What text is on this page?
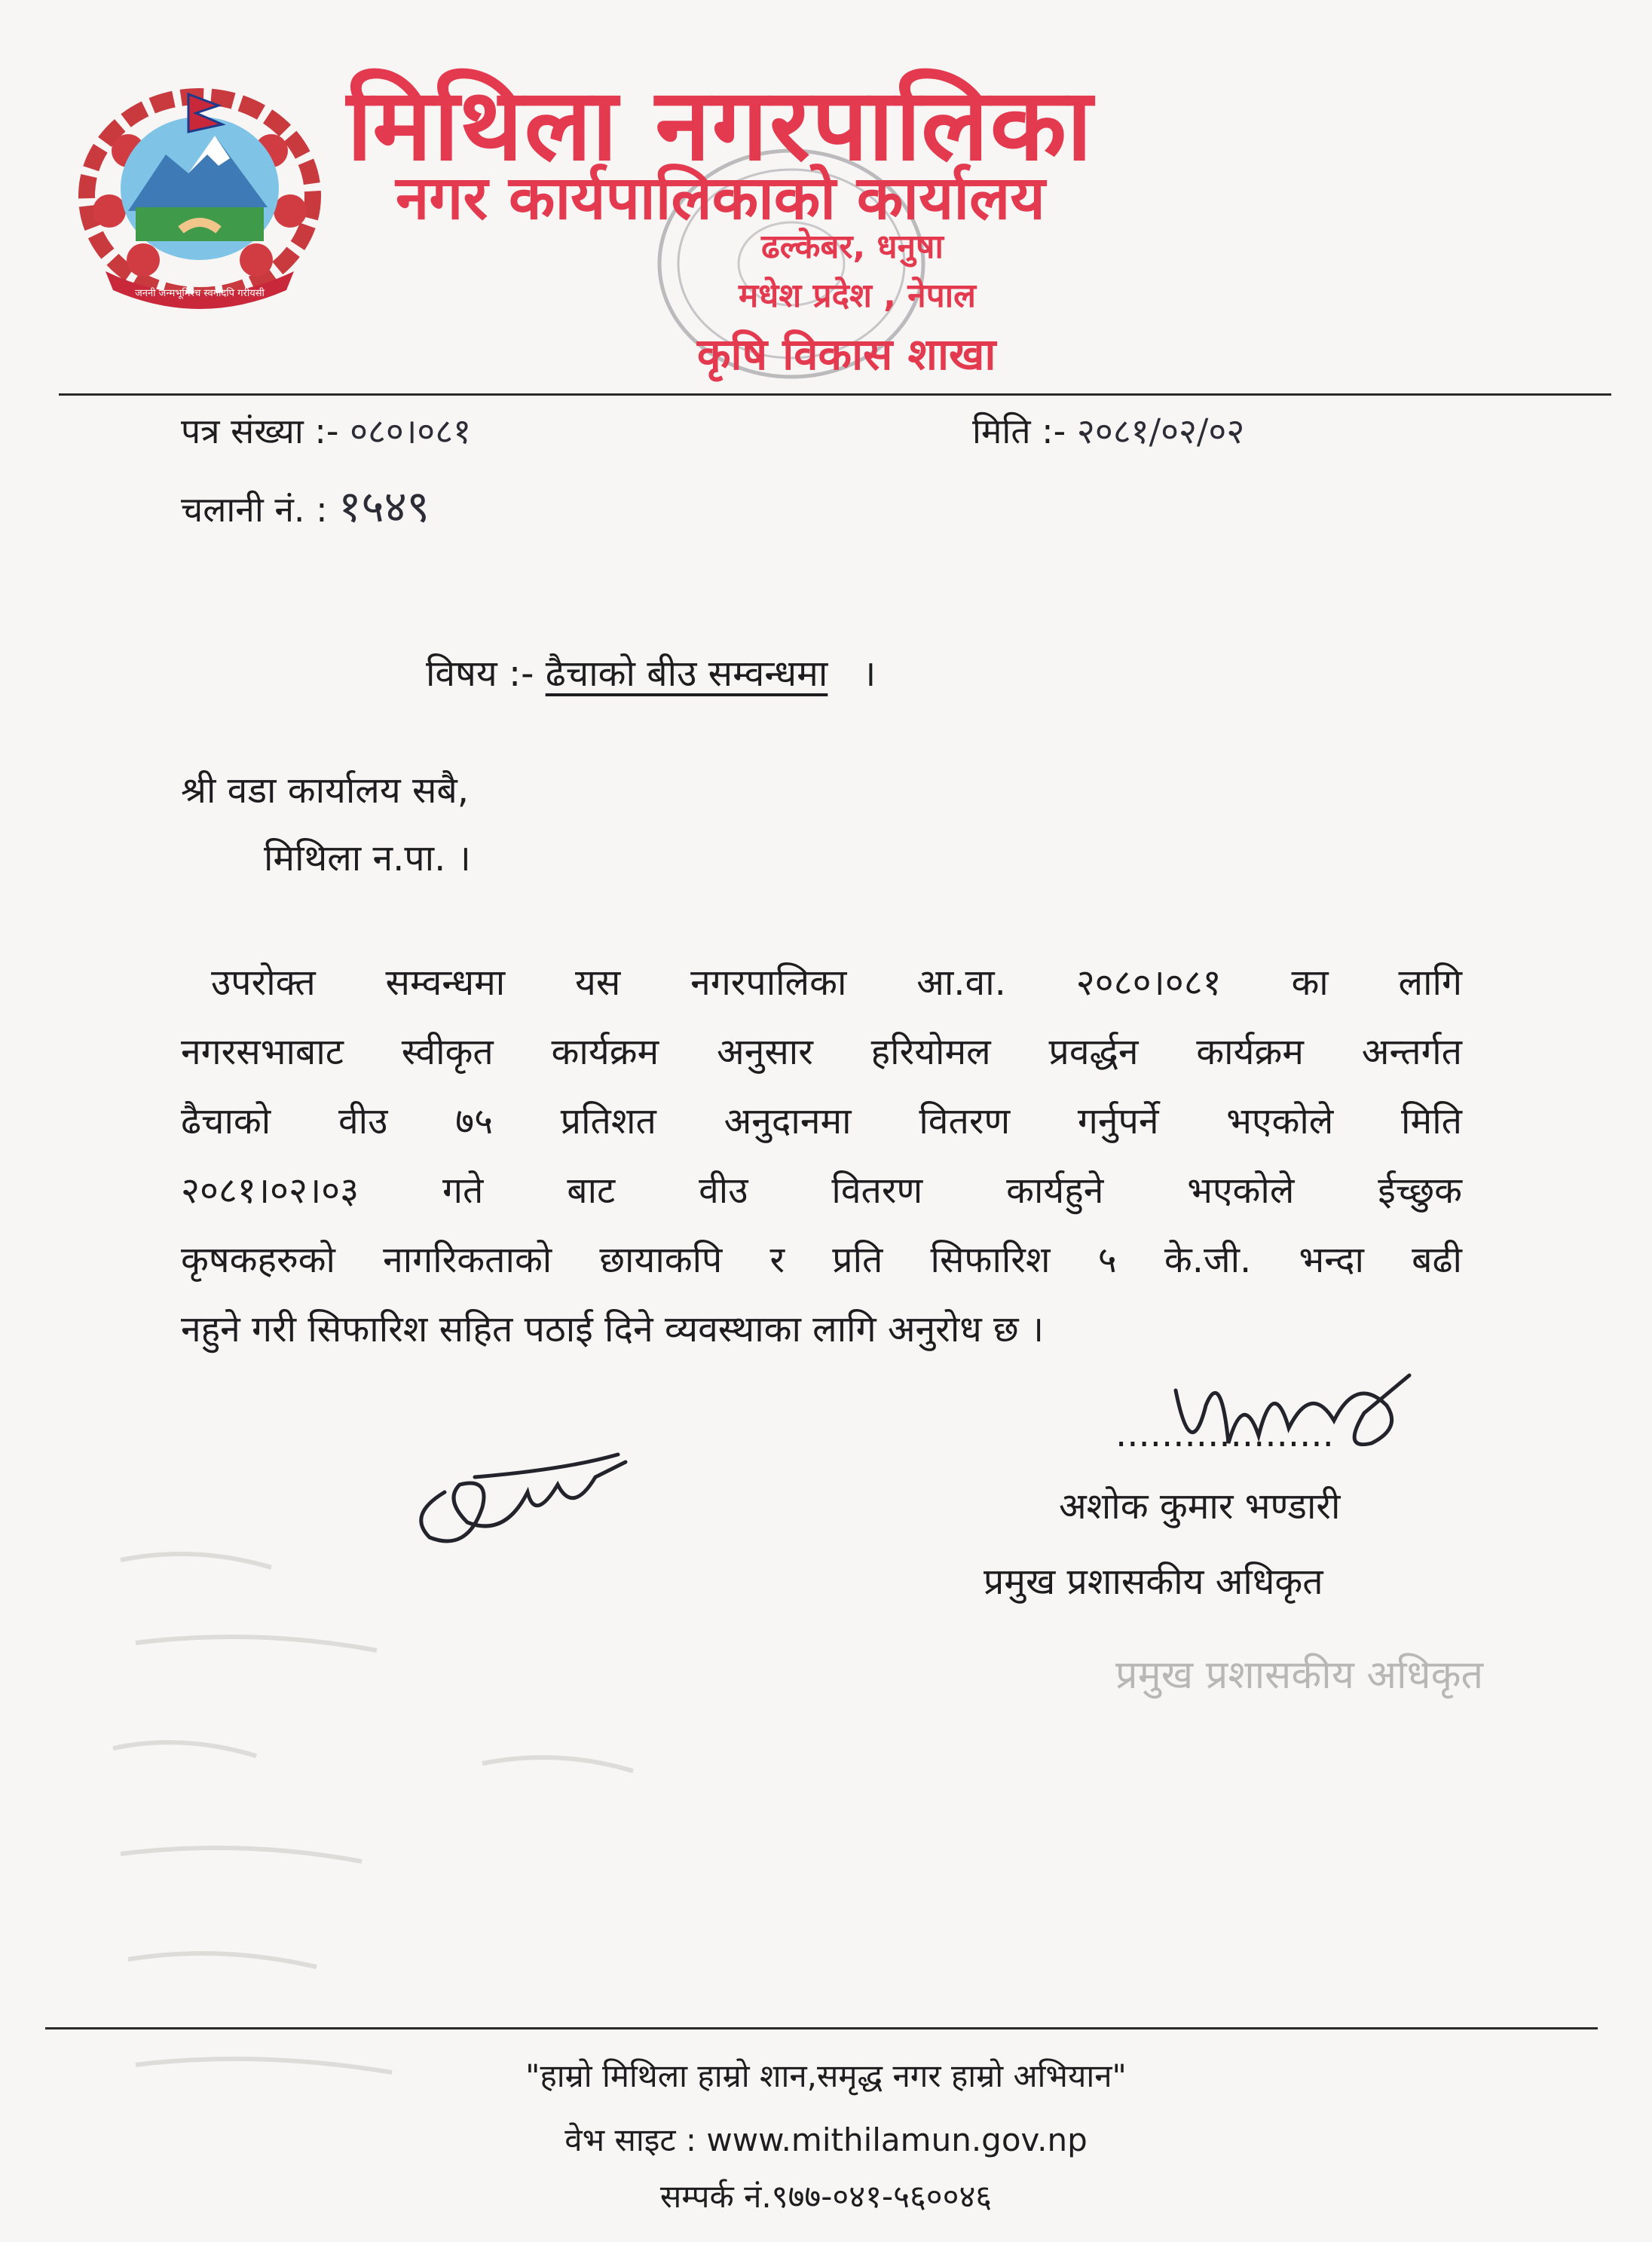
जननी जन्मभूमिश्च स्वर्गादपि गरीयसी
मिथिला नगरपालिका
नगर कार्यपालिकाको कार्यालय
ढल्केबर, धनुषा
मधेश प्रदेश , नेपाल
कृषि विकास शाखा
पत्र संख्या :- ०८०।०८१	मिति :- २०८१/०२/०२
चलानी नं. : १५४९
विषय :- ढैचाको बीउ सम्वन्धमा ।
श्री वडा कार्यालय सबै,
मिथिला न.पा. ।
उपरोक्त सम्वन्धमा यस नगरपालिका आ.वा. २०८०।०८१ का लागि
नगरसभाबाट स्वीकृत कार्यक्रम अनुसार हरियोमल प्रवर्द्धन कार्यक्रम अन्तर्गत
ढैचाको वीउ ७५ प्रतिशत अनुदानमा वितरण गर्नुपर्ने भएकोले मिति
२०८१।०२।०३ गते बाट वीउ वितरण कार्यहुने भएकोले ईच्छुक
कृषकहरुको नागरिकताको छायाकपि र प्रति सिफारिश ५ के.जी. भन्दा बढी
नहुने गरी सिफारिश सहित पठाई दिने व्यवस्थाका लागि अनुरोध छ ।
...................
अशोक कुमार भण्डारी
प्रमुख प्रशासकीय अधिकृत
प्रमुख प्रशासकीय अधिकृत
"हाम्रो मिथिला हाम्रो शान,समृद्ध नगर हाम्रो अभियान"
वेभ साइट : www.mithilamun.gov.np
सम्पर्क नं.९७७-०४१-५६००४६
